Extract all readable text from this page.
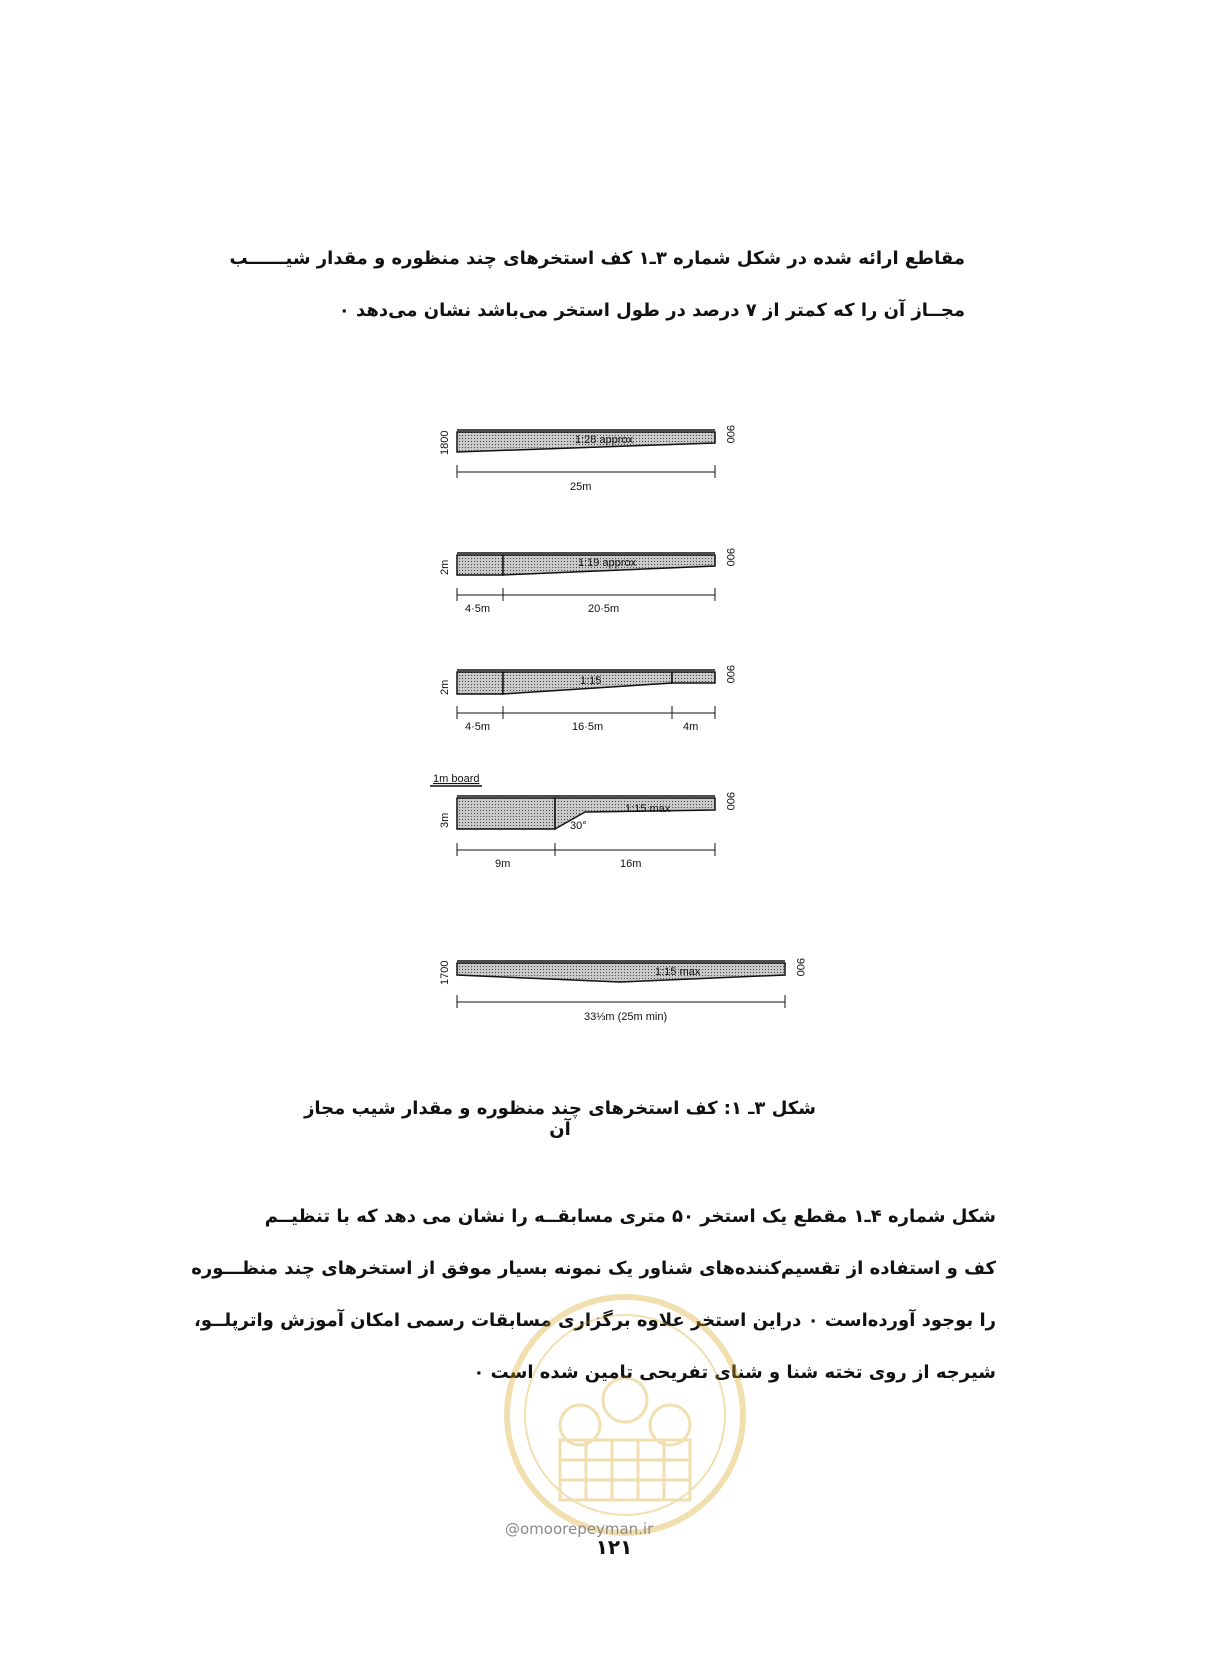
مقاطع ارائه شده در شکل شماره ۳ـ۱ کف استخرهای چند منظوره و مقدار شیــــــب

مجــاز آن را که کمتر از ۷ درصد در طول استخر می‌باشد نشان می‌دهد ۰

1800	900
1:28 approx
25m
2m
900
1:19 approx
4·5m	20·5m
2m
900
1:15
4·5m	16·5m	4m
1m board
3m
900
1:15 max
30°
9m	16m
1700	900
1:15 max
33⅓m (25m min)
شکل ۳ـ ۱: کف استخرهای چند منظوره و مقدار شیب مجاز آن

شکل شماره ۴ـ۱ مقطع یک استخر ۵۰ متری مسابقــه را نشان می دهد که با تنظیــم

کف و استفاده از تقسیم‌کننده‌های شناور یک نمونه بسیار موفق از استخرهای چند منظـــوره

را بوجود آورده‌است ۰ دراین استخر علاوه برگزاری مسابقات رسمی امکان آموزش واترپلــو،

شیرجه از روی تخته شنا و شنای تفریحی تامین شده است ۰

@omoorepeyman.ir
۱۲۱
